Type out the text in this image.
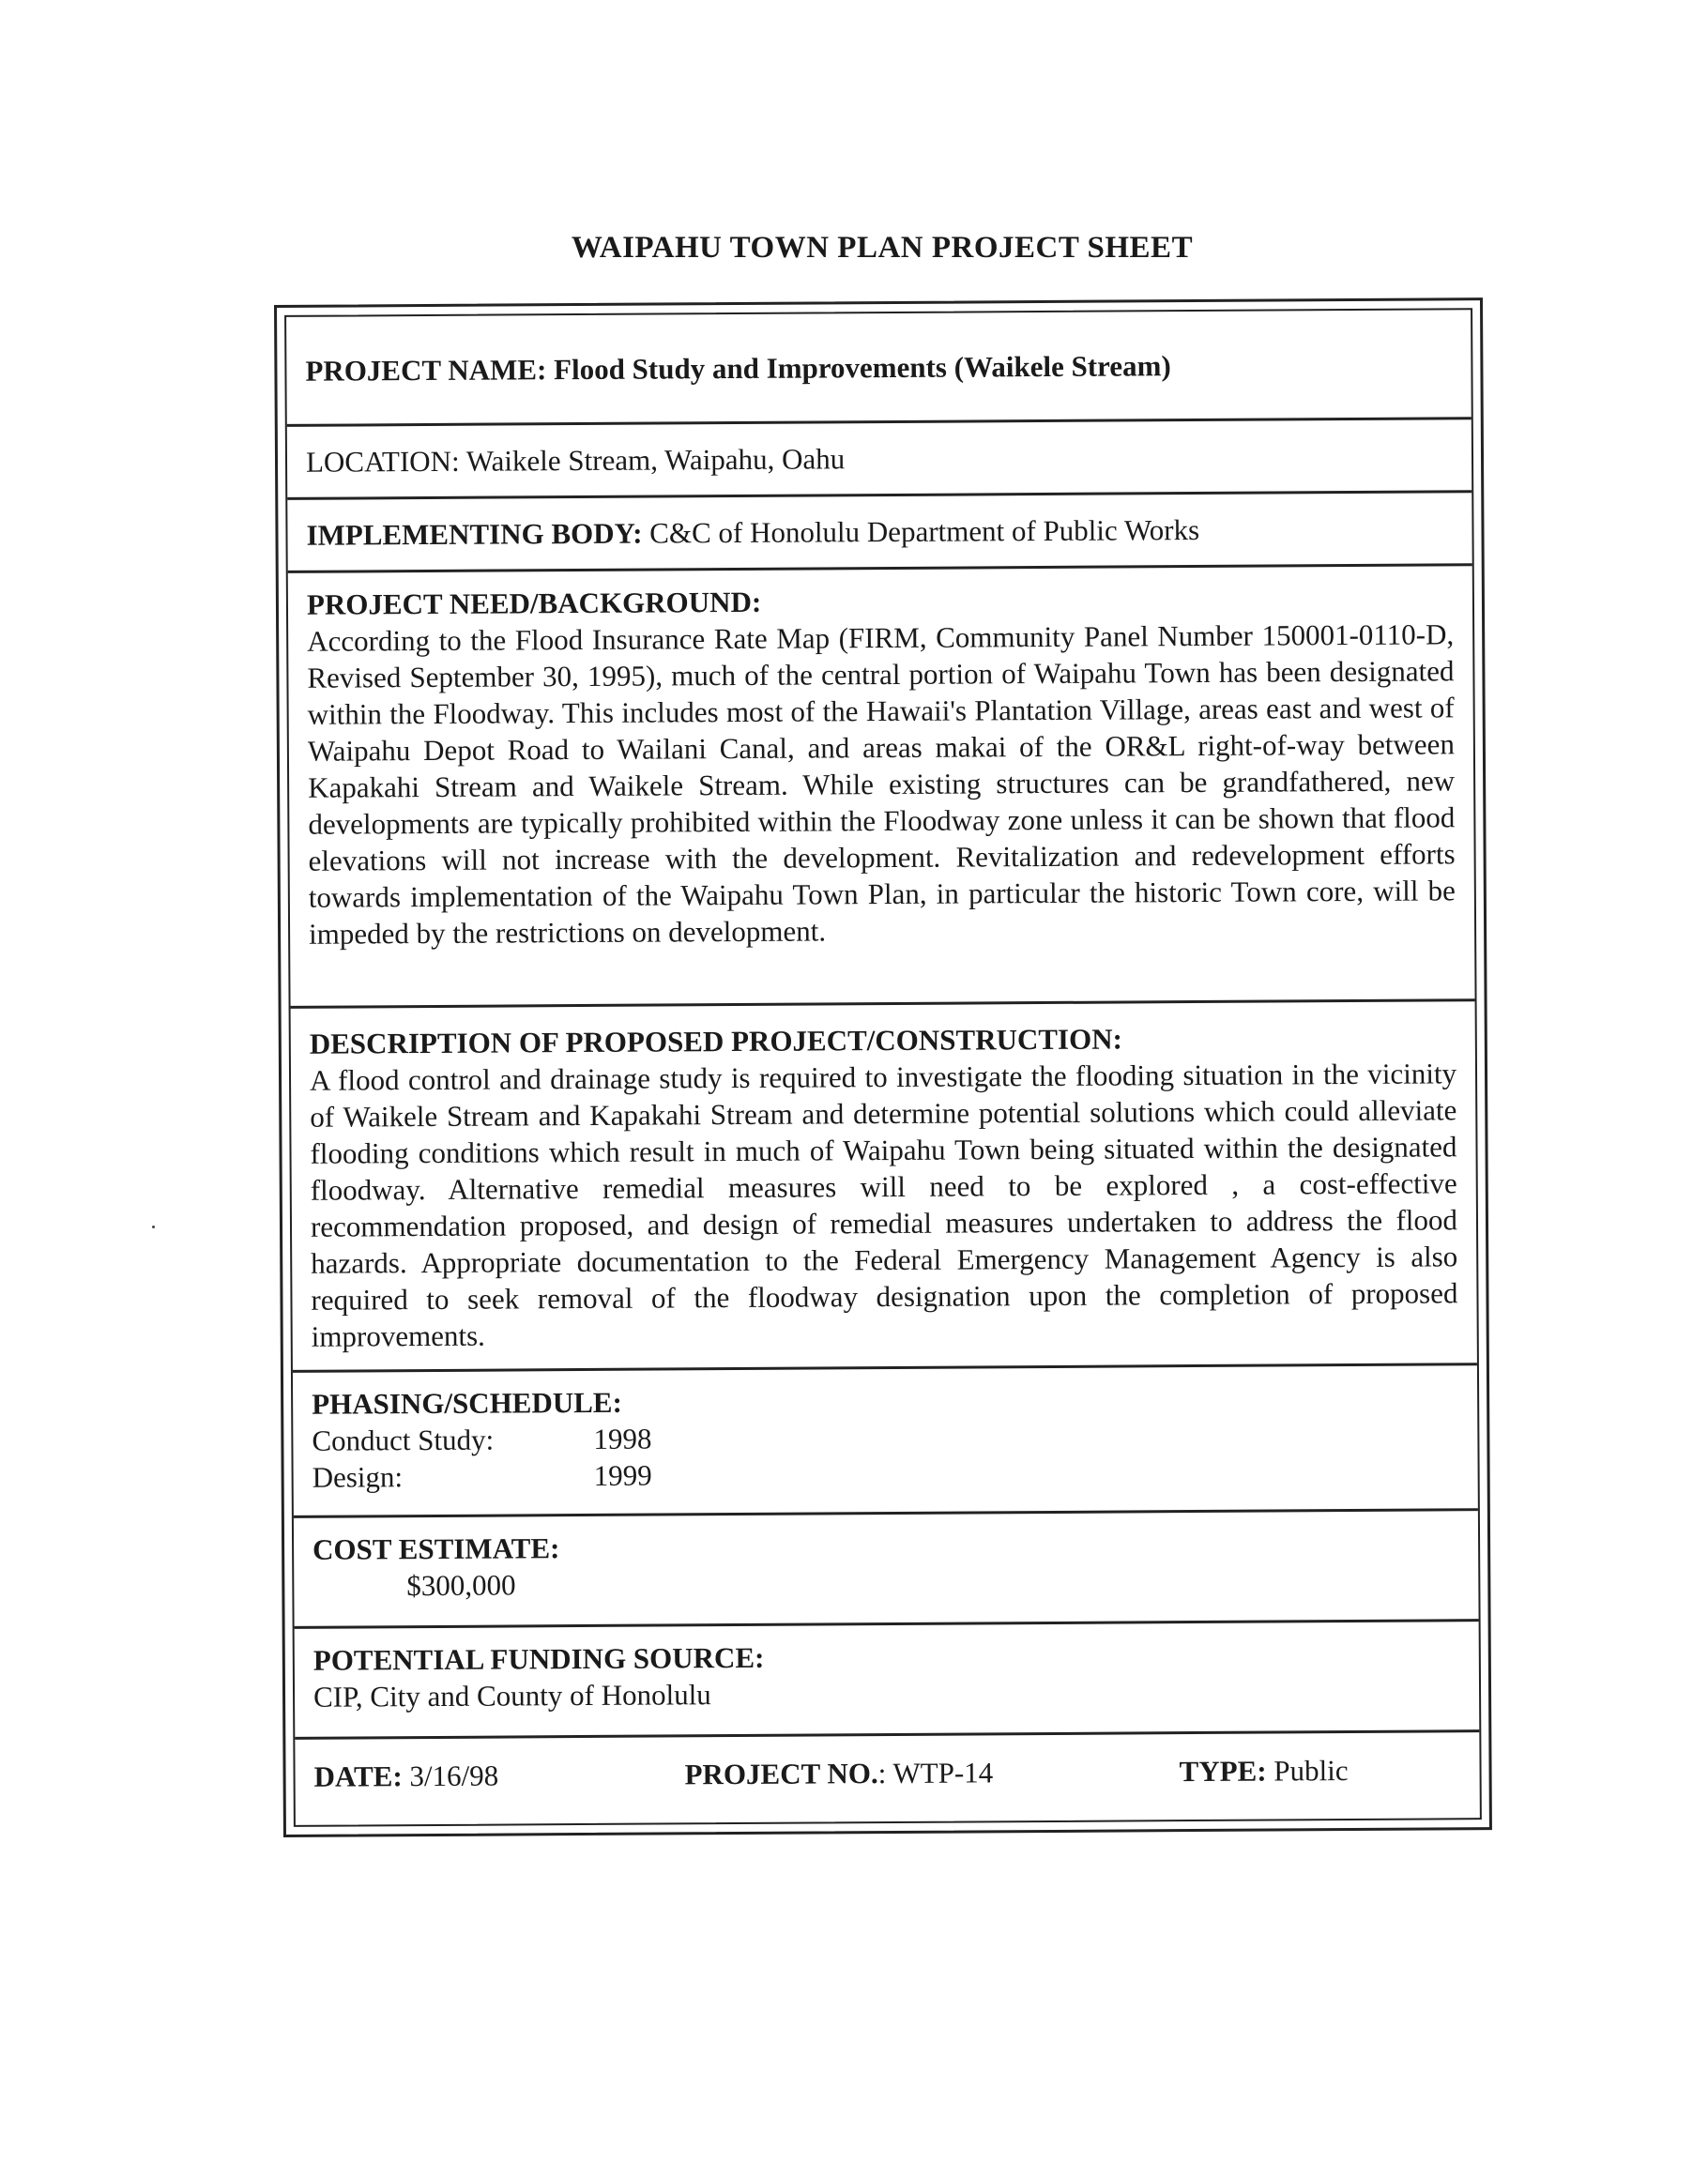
WAIPAHU TOWN PLAN PROJECT SHEET
PROJECT NAME: Flood Study and Improvements (Waikele Stream)
LOCATION: Waikele Stream, Waipahu, Oahu
IMPLEMENTING BODY: C&C of Honolulu Department of Public Works
PROJECT NEED/BACKGROUND:

According to the Flood Insurance Rate Map (FIRM, Community Panel Number 150001-0110-D, Revised September 30, 1995), much of the central portion of Waipahu Town has been designated within the Floodway. This includes most of the Hawaii's Plantation Village, areas east and west of Waipahu Depot Road to Wailani Canal, and areas makai of the OR&L right-of-way between Kapakahi Stream and Waikele Stream. While existing structures can be grandfathered, new developments are typically prohibited within the Floodway zone unless it can be shown that flood elevations will not increase with the development. Revitalization and redevelopment efforts towards implementation of the Waipahu Town Plan, in particular the historic Town core, will be impeded by the restrictions on development.

DESCRIPTION OF PROPOSED PROJECT/CONSTRUCTION:

A flood control and drainage study is required to investigate the flooding situation in the vicinity of Waikele Stream and Kapakahi Stream and determine potential solutions which could alleviate flooding conditions which result in much of Waipahu Town being situated within the designated floodway. Alternative remedial measures will need to be explored , a cost-effective recommendation proposed, and design of remedial measures undertaken to address the flood hazards. Appropriate documentation to the Federal Emergency Management Agency is also required to seek removal of the floodway designation upon the completion of proposed improvements.

PHASING/SCHEDULE:
Conduct Study:	1998
Design:	1999
COST ESTIMATE:
$300,000
POTENTIAL FUNDING SOURCE:
CIP, City and County of Honolulu
DATE: 3/16/98	PROJECT NO.: WTP-14	TYPE: Public
